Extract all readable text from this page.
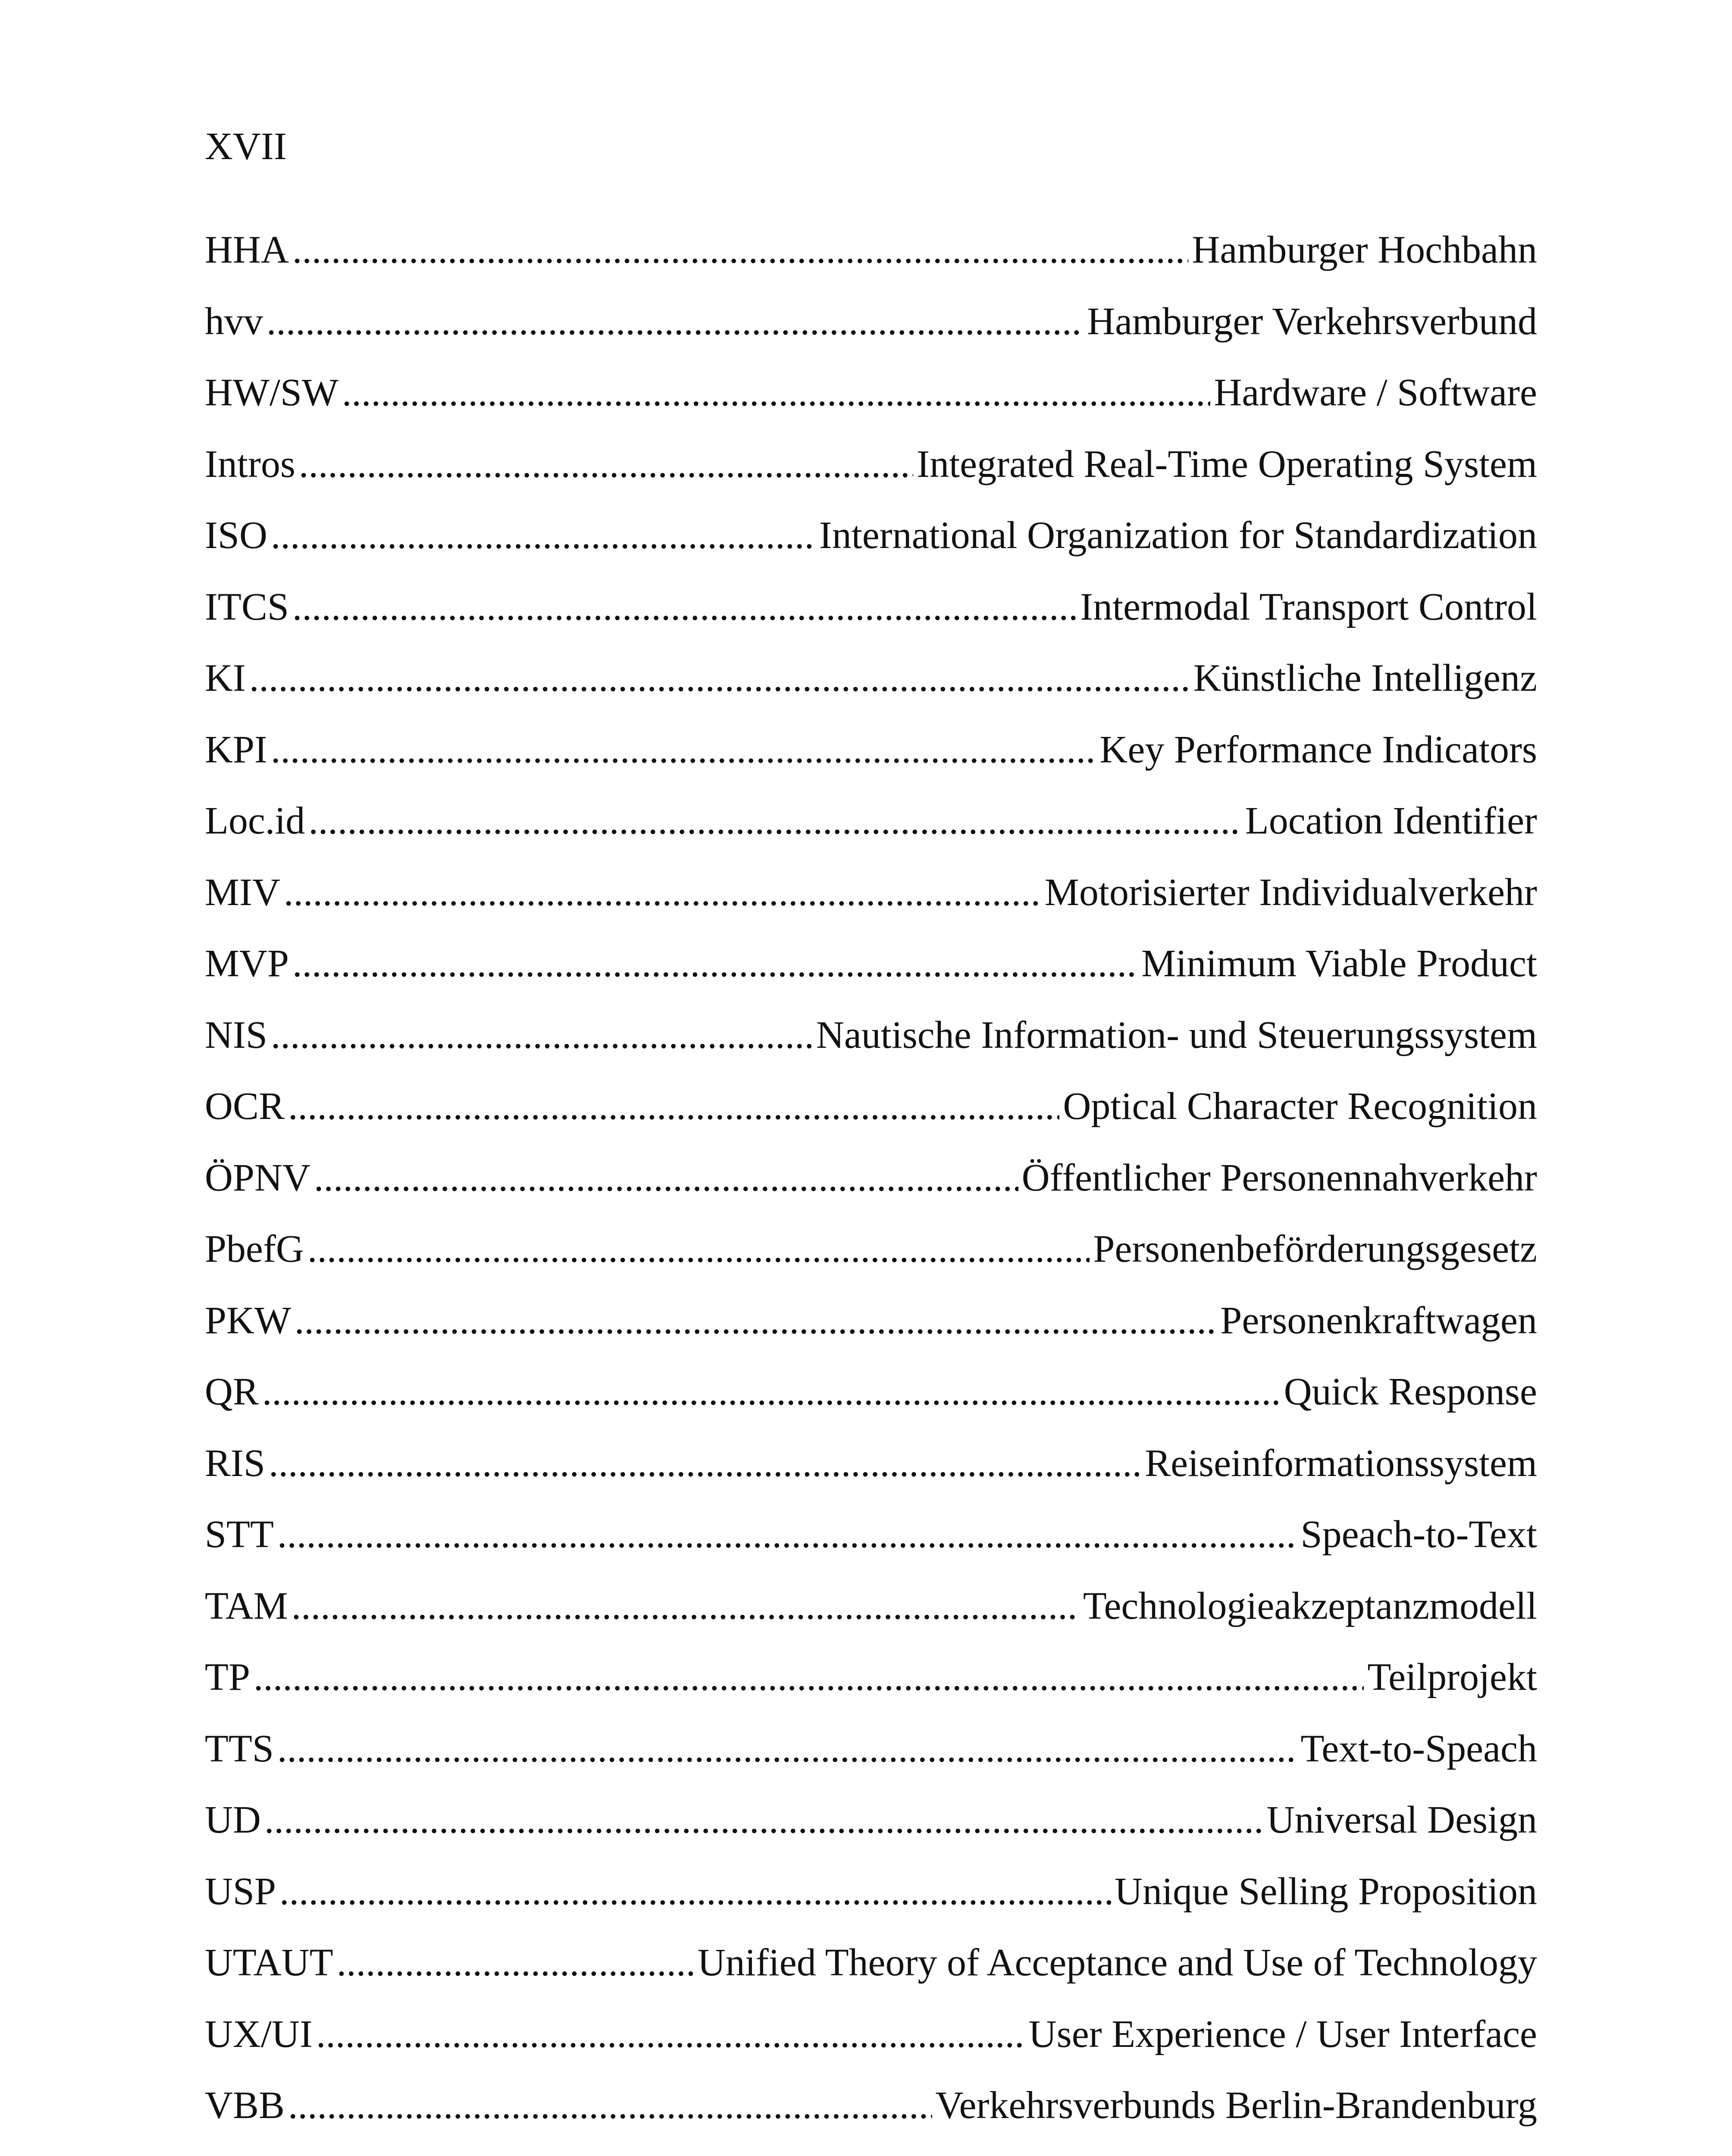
XVII
HHA .....	Hamburger Hochbahn
hvv .....	Hamburger Verkehrsverbund
HW/SW .....	Hardware / Software
Intros .....	Integrated Real-Time Operating System
ISO .....	International Organization for Standardization
ITCS .....	Intermodal Transport Control
KI .....	Künstliche Intelligenz
KPI .....	Key Performance Indicators
Loc.id .....	Location Identifier
MIV .....	Motorisierter Individualverkehr
MVP .....	Minimum Viable Product
NIS .....	Nautische Information- und Steuerungssystem
OCR .....	Optical Character Recognition
ÖPNV .....	Öffentlicher Personennahverkehr
PbefG .....	Personenbeförderungsgesetz
PKW .....	Personenkraftwagen
QR .....	Quick Response
RIS .....	Reiseinformationssystem
STT .....	Speach-to-Text
TAM .....	Technologieakzeptanzmodell
TP .....	Teilprojekt
TTS .....	Text-to-Speach
UD .....	Universal Design
USP .....	Unique Selling Proposition
UTAUT .....	Unified Theory of Acceptance and Use of Technology
UX/UI .....	User Experience / User Interface
VBB .....	Verkehrsverbunds Berlin-Brandenburg
.....
